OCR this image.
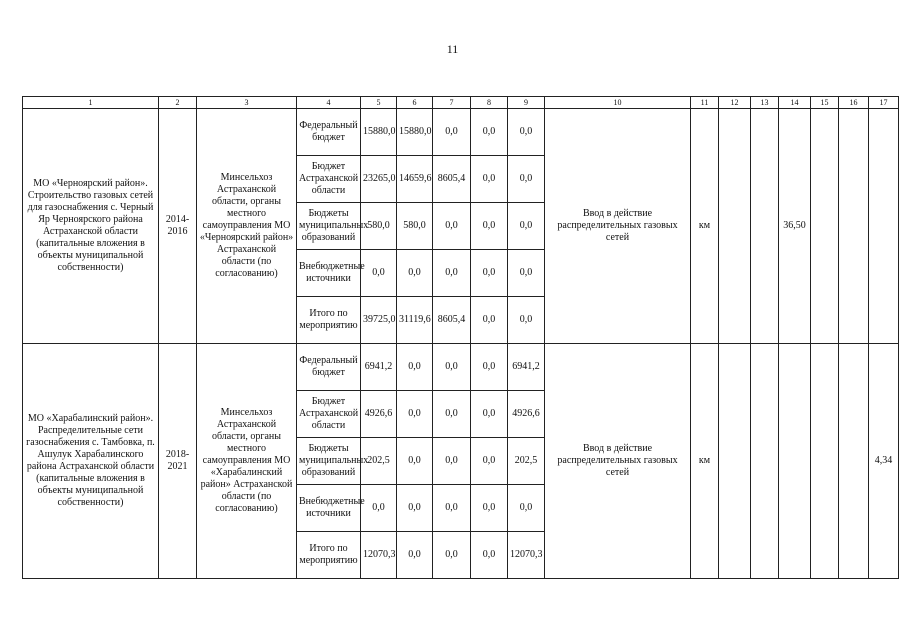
11
1	2	3	4	5	6	7	8	9	10	11	12	13	14	15	16	17
МО «Черноярский район». Строительство газовых сетей для газоснабжения с. Черный Яр Черноярского района Астраханской области (капитальные вложения в объекты муниципальной собственности)	2014-2016	Минсельхоз Астраханской области, органы местного самоуправления МО «Черноярский район» Астраханской области (по согласованию)	Федеральный бюджет	15880,0	15880,0	0,0	0,0	0,0	Ввод в действие распределительных газовых сетей	км			36,50			
			Бюджет Астраханской области	23265,0	14659,6	8605,4	0,0	0,0								

			Бюджеты муниципальных образований	580,0	580,0	0,0	0,0	0,0								

			Внебюджетные источники	0,0	0,0	0,0	0,0	0,0								

			Итого по мероприятию	39725,0	31119,6	8605,4	0,0	0,0								

МО «Харабалинский район». Распределительные сети газоснабжения с. Тамбовка, п. Ашулук Харабалинского района Астраханской области (капитальные вложения в объекты муниципальной собственности)	2018-2021	Минсельхоз Астраханской области, органы местного самоуправления МО «Харабалинский район» Астраханской области (по согласованию)	Федеральный бюджет	6941,2	0,0	0,0	0,0	6941,2	Ввод в действие распределительных газовых сетей	км						4,34
			Бюджет Астраханской области	4926,6	0,0	0,0	0,0	4926,6								

			Бюджеты муниципальных образований	202,5	0,0	0,0	0,0	202,5								

			Внебюджетные источники	0,0	0,0	0,0	0,0	0,0								

			Итого по мероприятию	12070,3	0,0	0,0	0,0	12070,3								
